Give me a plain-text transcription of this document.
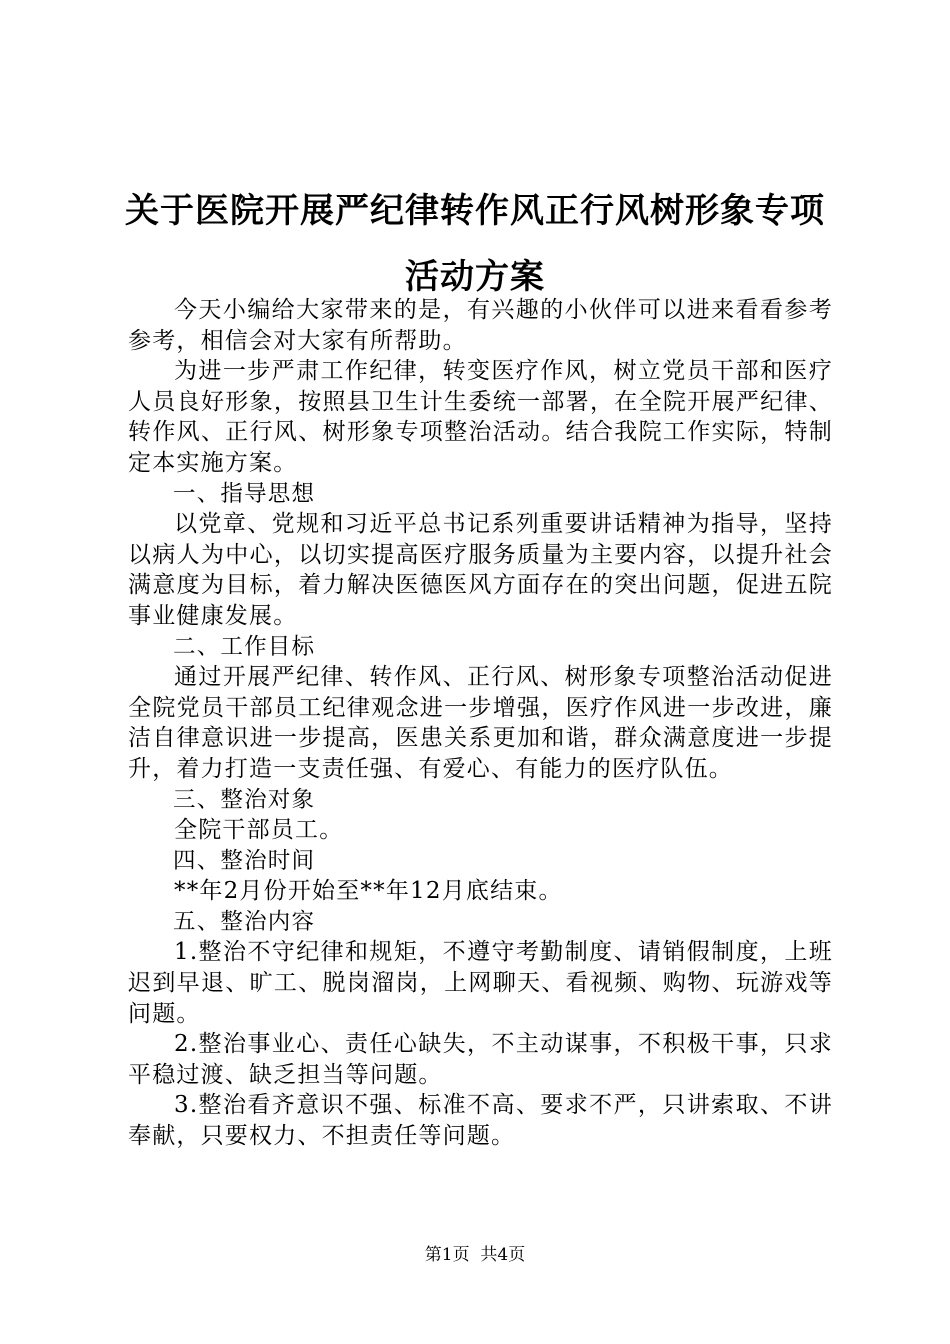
关于医院开展严纪律转作风正行风树形象专项活动方案

今天小编给大家带来的是，有兴趣的小伙伴可以进来看看参考参考，相信会对大家有所帮助。

为进一步严肃工作纪律，转变医疗作风，树立党员干部和医疗人员良好形象，按照县卫生计生委统一部署，在全院开展严纪律、转作风、正行风、树形象专项整治活动。结合我院工作实际，特制定本实施方案。

一、指导思想

以党章、党规和习近平总书记系列重要讲话精神为指导，坚持以病人为中心，以切实提高医疗服务质量为主要内容，以提升社会满意度为目标，着力解决医德医风方面存在的突出问题，促进五院事业健康发展。

二、工作目标

通过开展严纪律、转作风、正行风、树形象专项整治活动促进全院党员干部员工纪律观念进一步增强，医疗作风进一步改进，廉洁自律意识进一步提高，医患关系更加和谐，群众满意度进一步提升，着力打造一支责任强、有爱心、有能力的医疗队伍。

三、整治对象

全院干部员工。

四、整治时间

**年2月份开始至**年12月底结束。

五、整治内容

1.整治不守纪律和规矩，不遵守考勤制度、请销假制度，上班迟到早退、旷工、脱岗溜岗，上网聊天、看视频、购物、玩游戏等问题。

2.整治事业心、责任心缺失，不主动谋事，不积极干事，只求平稳过渡、缺乏担当等问题。

3.整治看齐意识不强、标准不高、要求不严，只讲索取、不讲奉献，只要权力、不担责任等问题。

第1页 共4页
